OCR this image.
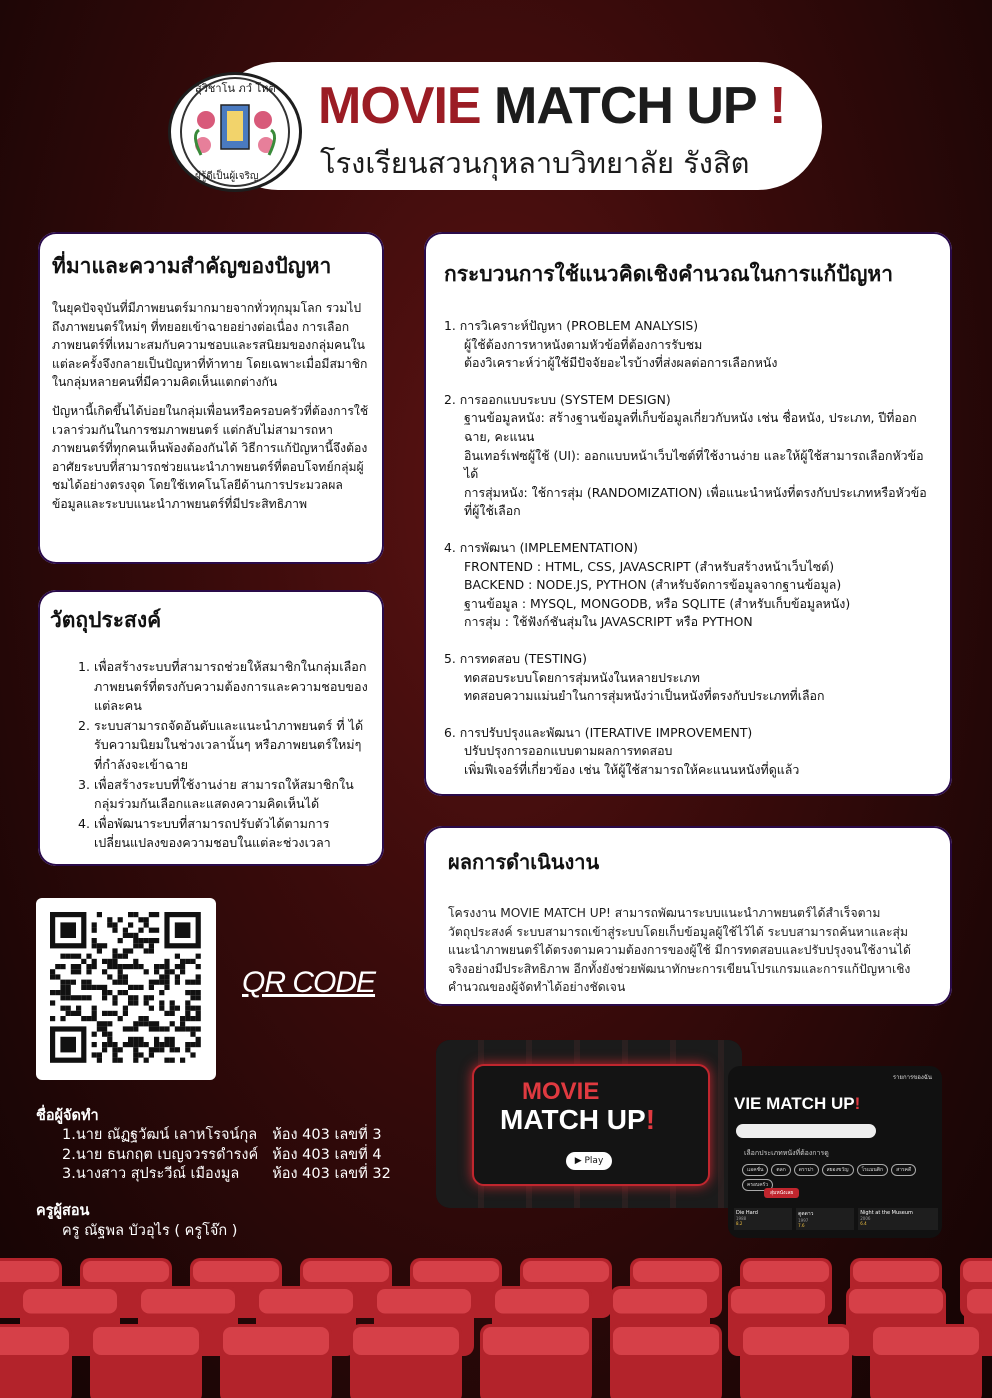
สุวิชาโน ภวํ โหติ
ผู้รู้ดีเป็นผู้เจริญ
MOVIE MATCH UP !
โรงเรียนสวนกุหลาบวิทยาลัย รังสิต
ที่มาและความสำคัญของปัญหา

ในยุคปัจจุบันที่มีภาพยนตร์มากมายจากทั่วทุกมุมโลก รวมไปถึงภาพยนตร์ใหม่ๆ ที่ทยอยเข้าฉายอย่างต่อเนื่อง การเลือกภาพยนตร์ที่เหมาะสมกับความชอบและรสนิยมของกลุ่มคนในแต่ละครั้งจึงกลายเป็นปัญหาที่ท้าทาย โดยเฉพาะเมื่อมีสมาชิกในกลุ่มหลายคนที่มีความคิดเห็นแตกต่างกัน

ปัญหานี้เกิดขึ้นได้บ่อยในกลุ่มเพื่อนหรือครอบครัวที่ต้องการใช้เวลาร่วมกันในการชมภาพยนตร์ แต่กลับไม่สามารถหาภาพยนตร์ที่ทุกคนเห็นพ้องต้องกันได้ วิธีการแก้ปัญหานี้จึงต้องอาศัยระบบที่สามารถช่วยแนะนำภาพยนตร์ที่ตอบโจทย์กลุ่มผู้ชมได้อย่างตรงจุด โดยใช้เทคโนโลยีด้านการประมวลผลข้อมูลและระบบแนะนำภาพยนตร์ที่มีประสิทธิภาพ

วัตถุประสงค์
1. เพื่อสร้างระบบที่สามารถช่วยให้สมาชิกในกลุ่มเลือกภาพยนตร์ที่ตรงกับความต้องการและความชอบของแต่ละคน
2. ระบบสามารถจัดอันดับและแนะนำภาพยนตร์ ที่ ได้รับความนิยมในช่วงเวลานั้นๆ หรือภาพยนตร์ใหม่ๆ ที่กำลังจะเข้าฉาย
3. เพื่อสร้างระบบที่ใช้งานง่าย สามารถให้สมาชิกในกลุ่มร่วมกันเลือกและแสดงความคิดเห็นได้
4. เพื่อพัฒนาระบบที่สามารถปรับตัวได้ตามการเปลี่ยนแปลงของความชอบในแต่ละช่วงเวลา
กระบวนการใช้แนวคิดเชิงคำนวณในการแก้ปัญหา
1. การวิเคราะห์ปัญหา (PROBLEM ANALYSIS)
ผู้ใช้ต้องการหาหนังตามหัวข้อที่ต้องการรับชม
ต้องวิเคราะห์ว่าผู้ใช้มีปัจจัยอะไรบ้างที่ส่งผลต่อการเลือกหนัง
2. การออกแบบระบบ (SYSTEM DESIGN)
ฐานข้อมูลหนัง: สร้างฐานข้อมูลที่เก็บข้อมูลเกี่ยวกับหนัง เช่น ชื่อหนัง, ประเภท, ปีที่ออกฉาย, คะแนน
อินเทอร์เฟซผู้ใช้ (UI): ออกแบบหน้าเว็บไซต์ที่ใช้งานง่าย และให้ผู้ใช้สามารถเลือกหัวข้อได้
การสุ่มหนัง: ใช้การสุ่ม (RANDOMIZATION) เพื่อแนะนำหนังที่ตรงกับประเภทหรือหัวข้อที่ผู้ใช้เลือก
4. การพัฒนา (IMPLEMENTATION)
FRONTEND : HTML, CSS, JAVASCRIPT (สำหรับสร้างหน้าเว็บไซต์)
BACKEND : NODE.JS, PYTHON (สำหรับจัดการข้อมูลจากฐานข้อมูล)
ฐานข้อมูล : MYSQL, MONGODB, หรือ SQLITE (สำหรับเก็บข้อมูลหนัง)
การสุ่ม : ใช้ฟังก์ชันสุ่มใน JAVASCRIPT หรือ PYTHON
5. การทดสอบ (TESTING)
ทดสอบระบบโดยการสุ่มหนังในหลายประเภท
ทดสอบความแม่นยำในการสุ่มหนังว่าเป็นหนังที่ตรงกับประเภทที่เลือก
6. การปรับปรุงและพัฒนา (ITERATIVE IMPROVEMENT)
ปรับปรุงการออกแบบตามผลการทดสอบ
เพิ่มฟีเจอร์ที่เกี่ยวข้อง เช่น ให้ผู้ใช้สามารถให้คะแนนหนังที่ดูแล้ว
ผลการดำเนินงาน
โครงงาน MOVIE MATCH UP! สามารถพัฒนาระบบแนะนำภาพยนตร์ได้สำเร็จตามวัตถุประสงค์ ระบบสามารถเข้าสู่ระบบโดยเก็บข้อมูลผู้ใช้ไว้ได้ ระบบสามารถค้นหาและสุ่มแนะนำภาพยนตร์ได้ตรงตามความต้องการของผู้ใช้ มีการทดสอบและปรับปรุงจนใช้งานได้จริงอย่างมีประสิทธิภาพ อีกทั้งยังช่วยพัฒนาทักษะการเขียนโปรแกรมและการแก้ปัญหาเชิงคำนวณของผู้จัดทำได้อย่างชัดเจน
QR CODE
ชื่อผู้จัดทำ
1.นาย ณัฏฐวัฒน์ เลาหโรจน์กุล	ห้อง 403 เลขที่ 3
2.นาย ธนกฤต เบญจวรรดำรงค์	ห้อง 403 เลขที่ 4
3.นางสาว สุประวีณ์ เมืองมูล	ห้อง 403 เลขที่ 32
ครูผู้สอน
ครู ณัฐพล บัวอุไร ( ครูโจ๊ก )
MOVIE
MATCH UP!
▶ Play
รายการของฉัน
VIE MATCH UP!
เลือกประเภทหนังที่ต้องการดู
แอคชั่น	ตลก	ดราม่า	สยองขวัญ	โรแมนติก	สารคดี
ครอบครัว
สุ่มหนังเลย
Die Hard
1988
8.2
ดูดดาว
1997
7.6
Night at the Museum
2006
6.4
